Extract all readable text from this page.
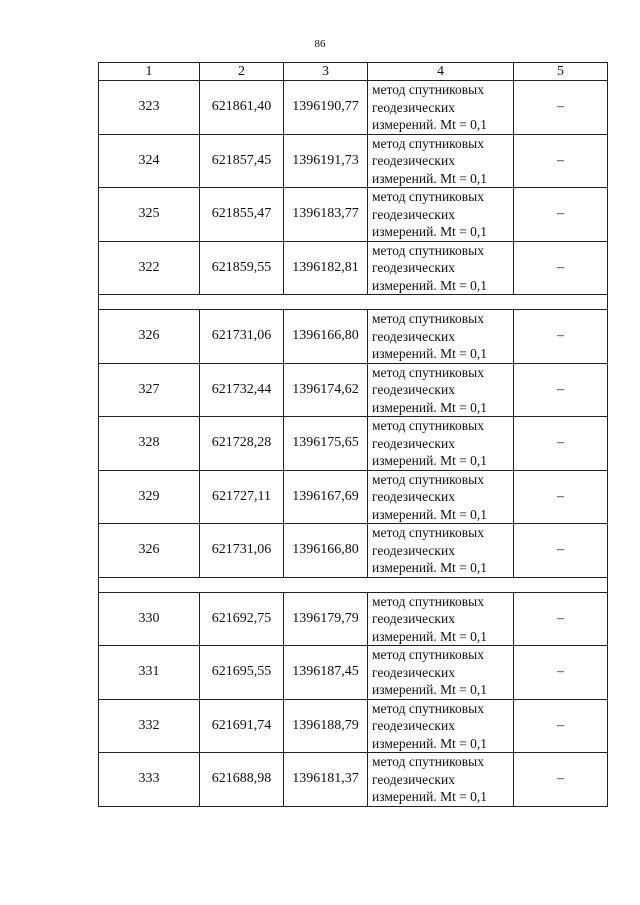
86
1	2	3	4	5
323	621861,40	1396190,77	метод спутниковых
геодезических
измерений. Mt = 0,1	–
324	621857,45	1396191,73	метод спутниковых
геодезических
измерений. Mt = 0,1	–
325	621855,47	1396183,77	метод спутниковых
геодезических
измерений. Mt = 0,1	–
322	621859,55	1396182,81	метод спутниковых
геодезических
измерений. Mt = 0,1	–

326	621731,06	1396166,80	метод спутниковых
геодезических
измерений. Mt = 0,1	–
327	621732,44	1396174,62	метод спутниковых
геодезических
измерений. Mt = 0,1	–
328	621728,28	1396175,65	метод спутниковых
геодезических
измерений. Mt = 0,1	–
329	621727,11	1396167,69	метод спутниковых
геодезических
измерений. Mt = 0,1	–
326	621731,06	1396166,80	метод спутниковых
геодезических
измерений. Mt = 0,1	–

330	621692,75	1396179,79	метод спутниковых
геодезических
измерений. Mt = 0,1	–
331	621695,55	1396187,45	метод спутниковых
геодезических
измерений. Mt = 0,1	–
332	621691,74	1396188,79	метод спутниковых
геодезических
измерений. Mt = 0,1	–
333	621688,98	1396181,37	метод спутниковых
геодезических
измерений. Mt = 0,1	–
